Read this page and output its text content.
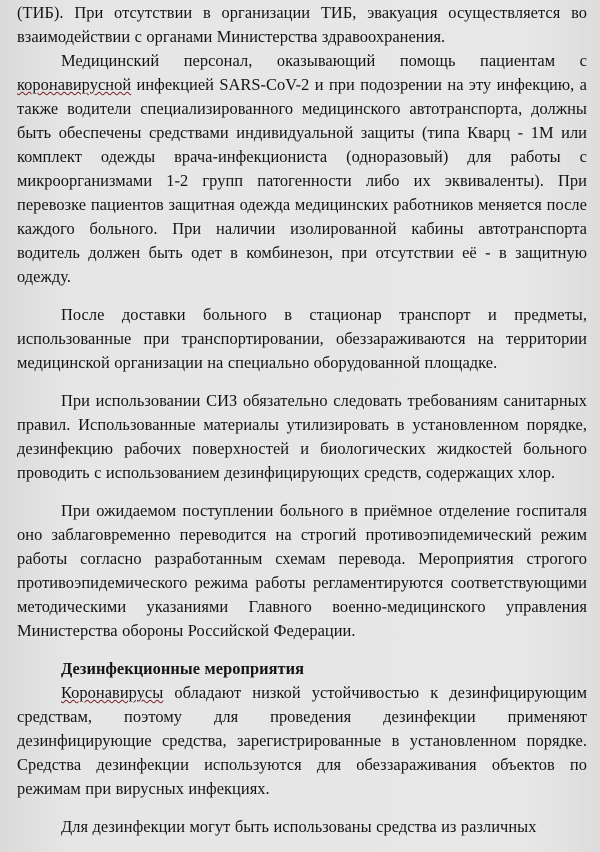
(ТИБ). При отсутствии в организации ТИБ, эвакуация осуществляется во взаимодействии с органами Министерства здравоохранения.

Медицинский персонал, оказывающий помощь пациентам с коронавирусной инфекцией SARS-CoV-2 и при подозрении на эту инфекцию, а также водители специализированного медицинского автотранспорта, должны быть обеспечены средствами индивидуальной защиты (типа Кварц - 1М или комплект одежды врача-инфекциониста (одноразовый) для работы с микроорганизмами 1-2 групп патогенности либо их эквиваленты). При перевозке пациентов защитная одежда медицинских работников меняется после каждого больного. При наличии изолированной кабины автотранспорта водитель должен быть одет в комбинезон, при отсутствии её - в защитную одежду.

После доставки больного в стационар транспорт и предметы, использованные при транспортировании, обеззараживаются на территории медицинской организации на специально оборудованной площадке.

При использовании СИЗ обязательно следовать требованиям санитарных правил. Использованные материалы утилизировать в установленном порядке, дезинфекцию рабочих поверхностей и биологических жидкостей больного проводить с использованием дезинфицирующих средств, содержащих хлор.

При ожидаемом поступлении больного в приёмное отделение госпиталя оно заблаговременно переводится на строгий противоэпидемический режим работы согласно разработанным схемам перевода. Мероприятия строгого противоэпидемического режима работы регламентируются соответствующими методическими указаниями Главного военно-медицинского управления Министерства обороны Российской Федерации.

Дезинфекционные мероприятия

Коронавирусы обладают низкой устойчивостью к дезинфицирующим средствам, поэтому для проведения дезинфекции применяют дезинфицирующие средства, зарегистрированные в установленном порядке. Средства дезинфекции используются для обеззараживания объектов по режимам при вирусных инфекциях.

Для дезинфекции могут быть использованы средства из различных
